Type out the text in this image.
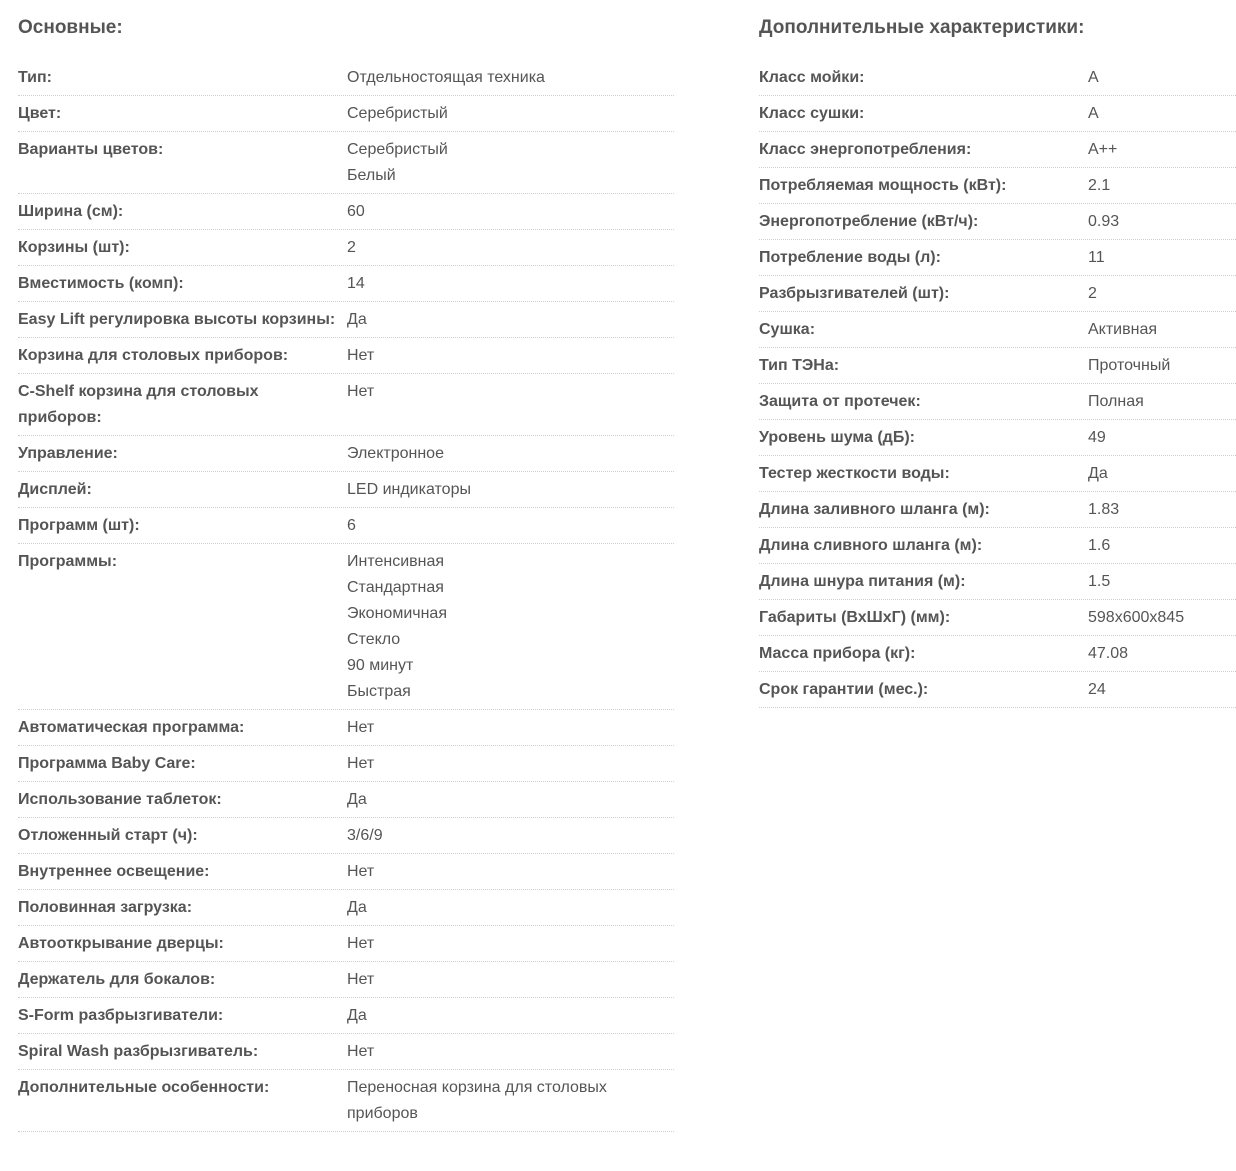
Основные:
Тип:	Отдельностоящая техника
Цвет:	Серебристый
Варианты цветов:	Серебристый
Белый
Ширина (см):	60
Корзины (шт):	2
Вместимость (комп):	14
Easy Lift регулировка высоты корзины: Да
Корзина для столовых приборов:	Нет
C-Shelf корзина для столовых приборов:
Нет
Управление:	Электронное
Дисплей:	LED индикаторы
Программ (шт):	6
Программы:	Интенсивная
Стандартная
Экономичная
Стекло
90 минут
Быстрая
Автоматическая программа:	Нет
Программа Baby Care:	Нет
Использование таблеток:	Да
Отложенный старт (ч):	3/6/9
Внутреннее освещение:	Нет
Половинная загрузка:	Да
Автооткрывание дверцы:	Нет
Держатель для бокалов:	Нет
S-Form разбрызгиватели:	Да
Spiral Wash разбрызгиватель:	Нет
Дополнительные особенности:	Переносная корзина для столовых приборов
Дополнительные характеристики:
Класс мойки:	A
Класс сушки:	A
Класс энергопотребления:	A++
Потребляемая мощность (кВт):	2.1
Энергопотребление (кВт/ч):	0.93
Потребление воды (л):	11
Разбрызгивателей (шт):	2
Сушка:	Активная
Тип ТЭНа:	Проточный
Защита от протечек:	Полная
Уровень шума (дБ):	49
Тестер жесткости воды:	Да
Длина заливного шланга (м):	1.83
Длина сливного шланга (м):	1.6
Длина шнура питания (м):	1.5
Габариты (ВхШхГ) (мм):	598x600x845
Масса прибора (кг):	47.08
Срок гарантии (мес.):	24
